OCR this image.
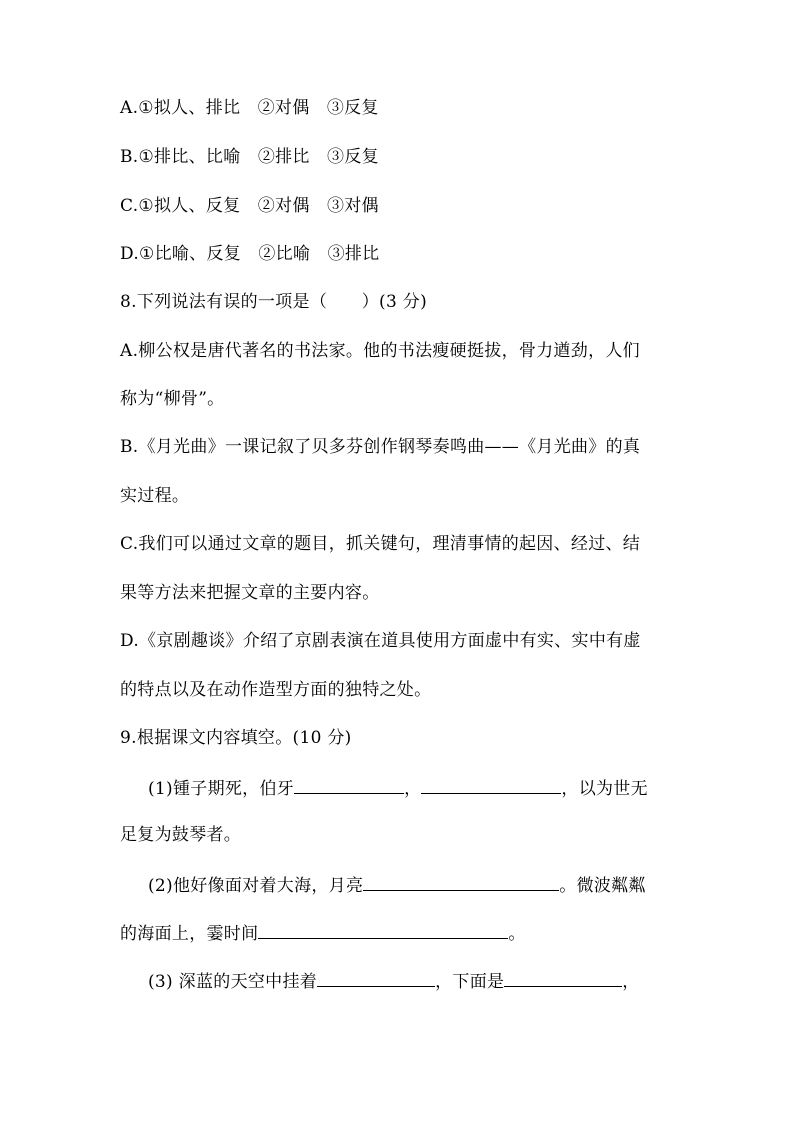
A.①拟人、排比　②对偶　③反复
B.①排比、比喻　②排比　③反复
C.①拟人、反复　②对偶　③对偶
D.①比喻、反复　②比喻　③排比
8.下列说法有误的一项是（　　）(3 分)
A.柳公权是唐代著名的书法家。他的书法瘦硬挺拔，骨力遒劲，人们
称为“柳骨”。
B.《月光曲》一课记叙了贝多芬创作钢琴奏鸣曲——《月光曲》的真
实过程。
C.我们可以通过文章的题目，抓关键句，理清事情的起因、经过、结
果等方法来把握文章的主要内容。
D.《京剧趣谈》介绍了京剧表演在道具使用方面虚中有实、实中有虚
的特点以及在动作造型方面的独特之处。
9.根据课文内容填空。(10 分)
(1)锺子期死，伯牙	，	，以为世无
足复为鼓琴者。
(2)他好像面对着大海，月亮	。微波粼粼
的海面上，霎时间	。
(3) 深蓝的天空中挂着	，下面是	，
